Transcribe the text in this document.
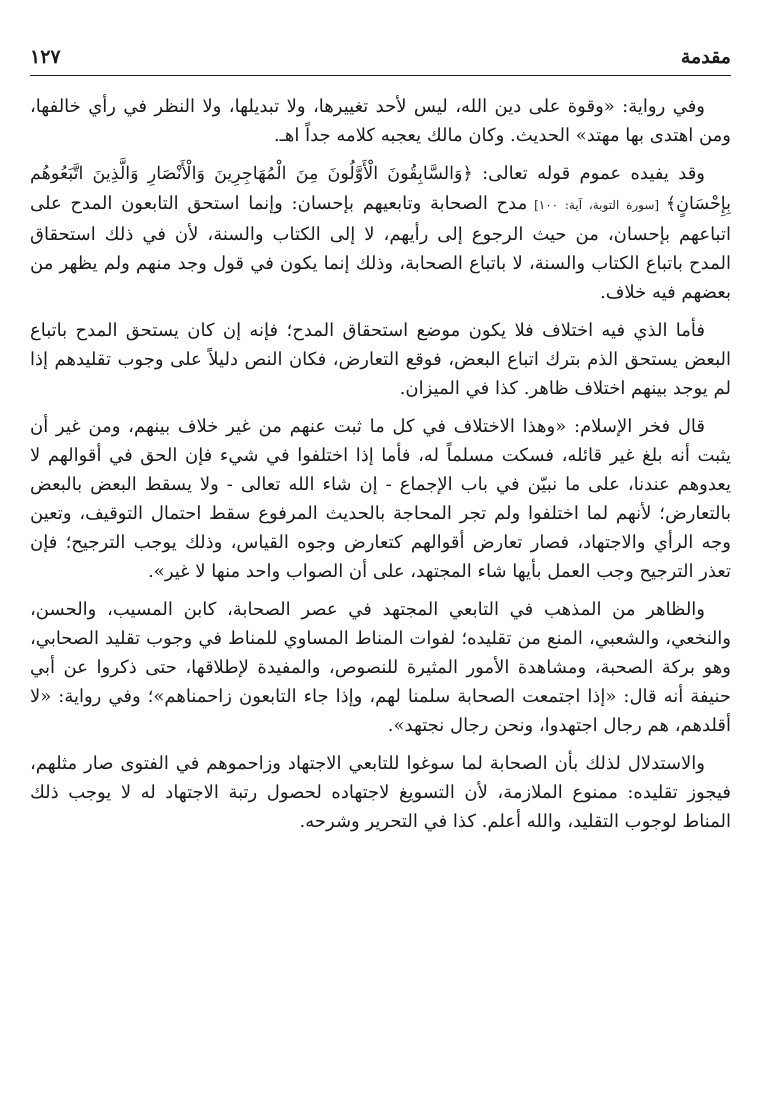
مقدمة
١٢٧

وفي رواية: «وقوة على دين الله، ليس لأحد تغييرها، ولا تبديلها، ولا النظر في رأي خالفها، ومن اهتدى بها مهتد» الحديث. وكان مالك يعجبه كلامه جداً اهـ.

وقد يفيده عموم قوله تعالى: ﴿وَالسَّابِقُونَ الْأَوَّلُونَ مِنَ الْمُهَاجِرِينَ وَالْأَنْصَارِ وَالَّذِينَ اتَّبَعُوهُم بِإِحْسَانٍ﴾ [سورة التوبة، آية: ١٠٠] مدح الصحابة وتابعيهم بإحسان: وإنما استحق التابعون المدح على اتباعهم بإحسان، من حيث الرجوع إلى رأيهم، لا إلى الكتاب والسنة، لأن في ذلك استحقاق المدح باتباع الكتاب والسنة، لا باتباع الصحابة، وذلك إنما يكون في قول وجد منهم ولم يظهر من بعضهم فيه خلاف.

فأما الذي فيه اختلاف فلا يكون موضع استحقاق المدح؛ فإنه إن كان يستحق المدح باتباع البعض يستحق الذم بترك اتباع البعض، فوقع التعارض، فكان النص دليلاً على وجوب تقليدهم إذا لم يوجد بينهم اختلاف ظاهر. كذا في الميزان.

قال فخر الإسلام: «وهذا الاختلاف في كل ما ثبت عنهم من غير خلاف بينهم، ومن غير أن يثبت أنه بلغ غير قائله، فسكت مسلماً له، فأما إذا اختلفوا في شيء فإن الحق في أقوالهم لا يعدوهم عندنا، على ما نبيّن في باب الإجماع - إن شاء الله تعالى - ولا يسقط البعض بالبعض بالتعارض؛ لأنهم لما اختلفوا ولم تجر المحاجة بالحديث المرفوع سقط احتمال التوقيف، وتعين وجه الرأي والاجتهاد، فصار تعارض أقوالهم كتعارض وجوه القياس، وذلك يوجب الترجيح؛ فإن تعذر الترجيح وجب العمل بأيها شاء المجتهد، على أن الصواب واحد منها لا غير».

والظاهر من المذهب في التابعي المجتهد في عصر الصحابة، كابن المسيب، والحسن، والنخعي، والشعبي، المنع من تقليده؛ لفوات المناط المساوي للمناط في وجوب تقليد الصحابي، وهو بركة الصحبة، ومشاهدة الأمور المثيرة للنصوص، والمفيدة لإطلاقها، حتى ذكروا عن أبي حنيفة أنه قال: «إذا اجتمعت الصحابة سلمنا لهم، وإذا جاء التابعون زاحمناهم»؛ وفي رواية: «لا أقلدهم، هم رجال اجتهدوا، ونحن رجال نجتهد».

والاستدلال لذلك بأن الصحابة لما سوغوا للتابعي الاجتهاد وزاحموهم في الفتوى صار مثلهم، فيجوز تقليده: ممنوع الملازمة، لأن التسويغ لاجتهاده لحصول رتبة الاجتهاد له لا يوجب ذلك المناط لوجوب التقليد، والله أعلم. كذا في التحرير وشرحه.
